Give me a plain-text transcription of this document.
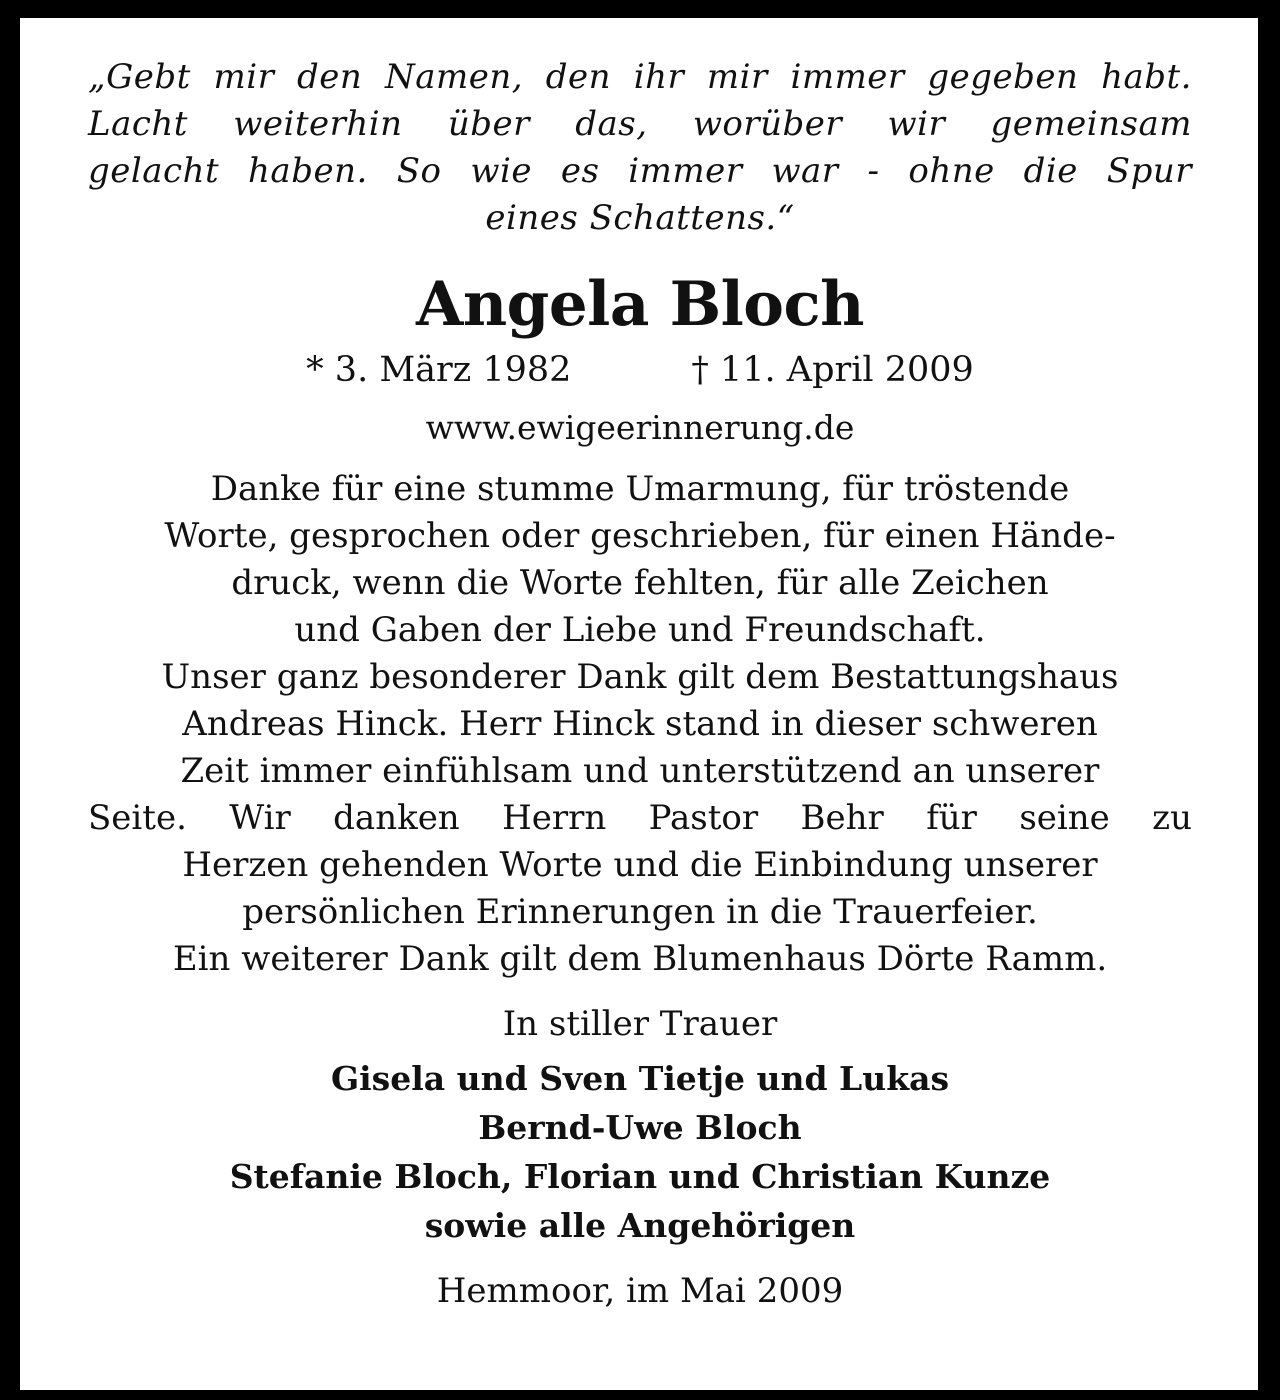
„Gebt mir den Namen, den ihr mir immer gegeben habt.
Lacht weiterhin über das, worüber wir gemeinsam
gelacht haben. So wie es immer war - ohne die Spur
eines Schattens.“

Angela Bloch
* 3. März 1982	† 11. April 2009
www.ewigeerinnerung.de
Danke für eine stumme Umarmung, für tröstende
Worte, gesprochen oder geschrieben, für einen Hände-
druck, wenn die Worte fehlten, für alle Zeichen
und Gaben der Liebe und Freundschaft.
Unser ganz besonderer Dank gilt dem Bestattungshaus
Andreas Hinck. Herr Hinck stand in dieser schweren
Zeit immer einfühlsam und unterstützend an unserer
Seite. Wir danken Herrn Pastor Behr für seine zu
Herzen gehenden Worte und die Einbindung unserer
persönlichen Erinnerungen in die Trauerfeier.
Ein weiterer Dank gilt dem Blumenhaus Dörte Ramm.
In stiller Trauer
Gisela und Sven Tietje und Lukas
Bernd-Uwe Bloch
Stefanie Bloch, Florian und Christian Kunze
sowie alle Angehörigen
Hemmoor, im Mai 2009
